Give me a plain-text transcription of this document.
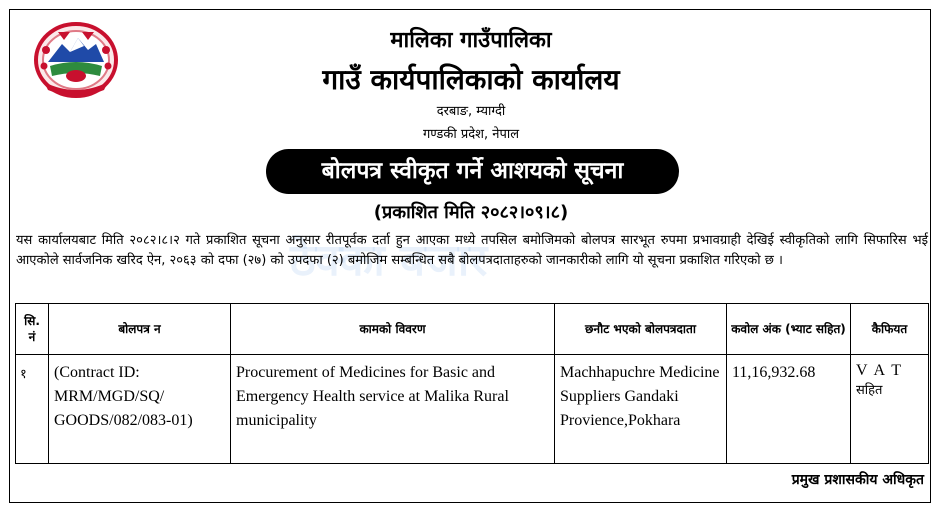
मालिका गाउँपालिका
गाउँ कार्यपालिकाको कार्यालय
दरबाङ, म्याग्दी
गण्डकी प्रदेश, नेपाल
बोलपत्र स्वीकृत गर्ने आशयको सूचना
(प्रकाशित मिति २०८२।०९।८)
ठेक्का बजार
यस कार्यालयबाट मिति २०८२।८।२ गते प्रकाशित सूचना अनुसार रीतपूर्वक दर्ता हुन आएका मध्ये तपसिल बमोजिमको बोलपत्र सारभूत रुपमा प्रभावग्राही देखिई स्वीकृतिको लागि सिफारिस भई आएकोले सार्वजनिक खरिद ऐन, २०६३ को दफा (२७) को उपदफा (२) बमोजिम सम्बन्धित सबै बोलपत्रदाताहरुको जानकारीको लागि यो सूचना प्रकाशित गरिएको छ ।
सि. नं	बोलपत्र न	कामको विवरण	छनौट भएको बोलपत्रदाता	कवोल अंक (भ्याट सहित)	कैफियत
१	(Contract ID: MRM/MGD/SQ/ GOODS/082/083-01)	Procurement of Medicines for Basic and Emergency Health service at Malika Rural municipality	Machhapuchre Medicine Suppliers Gandaki Provience,Pokhara	11,16,932.68	VAT
सहित
प्रमुख प्रशासकीय अधिकृत
